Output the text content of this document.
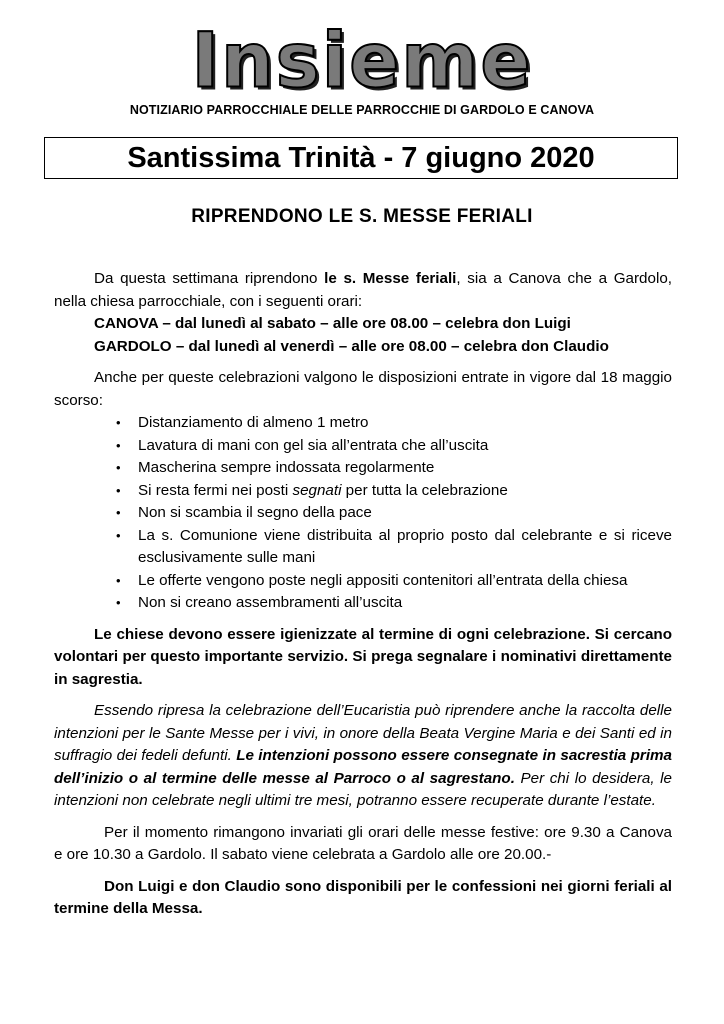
Insieme
NOTIZIARIO PARROCCHIALE DELLE PARROCCHIE DI GARDOLO E CANOVA
Santissima Trinità - 7 giugno 2020
RIPRENDONO LE S. MESSE FERIALI

Da questa settimana riprendono le s. Messe feriali, sia a Canova che a Gardolo, nella chiesa parrocchiale, con i seguenti orari:

CANOVA – dal lunedì al sabato – alle ore 08.00 – celebra don Luigi
GARDOLO – dal lunedì al venerdì – alle ore 08.00 – celebra don Claudio

Anche per queste celebrazioni valgono le disposizioni entrate in vigore dal 18 maggio scorso:

• Distanziamento di almeno 1 metro
• Lavatura di mani con gel sia all’entrata che all’uscita
• Mascherina sempre indossata regolarmente
• Si resta fermi nei posti segnati per tutta la celebrazione
• Non si scambia il segno della pace
• La s. Comunione viene distribuita al proprio posto dal celebrante e si riceve esclusivamente sulle mani
• Le offerte vengono poste negli appositi contenitori all’entrata della chiesa
• Non si creano assembramenti all’uscita

Le chiese devono essere igienizzate al termine di ogni celebrazione. Si cercano volontari per questo importante servizio. Si prega segnalare i nominativi direttamente in sagrestia.

Essendo ripresa la celebrazione dell’Eucaristia può riprendere anche la raccolta delle intenzioni per le Sante Messe per i vivi, in onore della Beata Vergine Maria e dei Santi ed in suffragio dei fedeli defunti. Le intenzioni possono essere consegnate in sacrestia prima dell’inizio o al termine delle messe al Parroco o al sagrestano. Per chi lo desidera, le intenzioni non celebrate negli ultimi tre mesi, potranno essere recuperate durante l’estate.

Per il momento rimangono invariati gli orari delle messe festive: ore 9.30 a Canova e ore 10.30 a Gardolo. Il sabato viene celebrata a Gardolo alle ore 20.00.-

Don Luigi e don Claudio sono disponibili per le confessioni nei giorni feriali al termine della Messa.
